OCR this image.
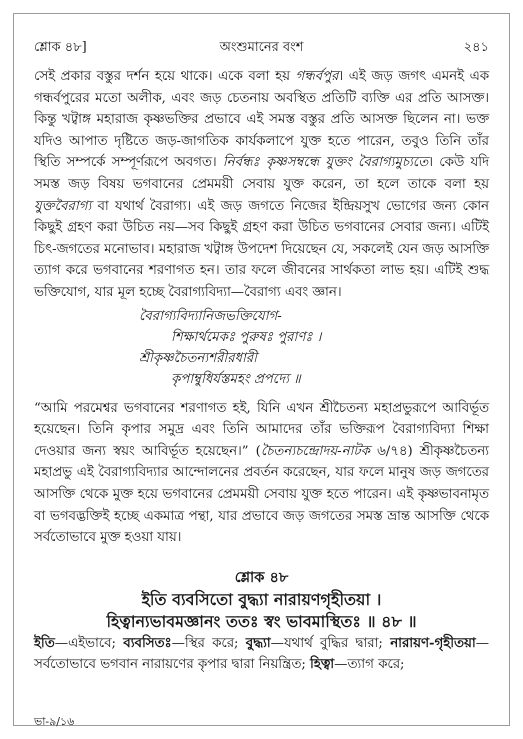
শ্লোক ৪৮]	অংশুমানের বংশ	২৪১

সেই প্রকার বস্তুর দর্শন হয়ে থাকে। একে বলা হয় গন্ধর্বপুর। এই জড় জগৎ এমনই এক গন্ধর্বপুরের মতো অলীক, এবং জড় চেতনায় অবস্থিত প্রতিটি ব্যক্তি এর প্রতি আসক্ত। কিন্তু খট্বাঙ্গ মহারাজ কৃষ্ণভক্তির প্রভাবে এই সমস্ত বস্তুর প্রতি আসক্ত ছিলেন না। ভক্ত যদিও আপাত দৃষ্টিতে জড়-জাগতিক কার্যকলাপে যুক্ত হতে পারেন, তবুও তিনি তাঁর স্থিতি সম্পর্কে সম্পূর্ণরূপে অবগত। নির্বন্ধঃ কৃষ্ণসম্বন্ধে যুক্তং বৈরাগ্যমুচ্যতে। কেউ যদি সমস্ত জড় বিষয় ভগবানের প্রেমময়ী সেবায় যুক্ত করেন, তা হলে তাকে বলা হয় যুক্তবৈরাগ্য বা যথার্থ বৈরাগ্য। এই জড় জগতে নিজের ইন্দ্রিয়সুখ ভোগের জন্য কোন কিছুই গ্রহণ করা উচিত নয়—সব কিছুই গ্রহণ করা উচিত ভগবানের সেবার জন্য। এটিই চিৎ-জগতের মনোভাব। মহারাজ খট্বাঙ্গ উপদেশ দিয়েছেন যে, সকলেই যেন জড় আসক্তি ত্যাগ করে ভগবানের শরণাগত হন। তার ফলে জীবনের সার্থকতা লাভ হয়। এটিই শুদ্ধ ভক্তিযোগ, যার মূল হচ্ছে বৈরাগ্যবিদ্যা—বৈরাগ্য এবং জ্ঞান।

বৈরাগ্যবিদ্যানিজভক্তিযোগ-
শিক্ষার্থমেকঃ পুরুষঃ পুরাণঃ ।
শ্রীকৃষ্ণচৈতন্যশরীরধারী
কৃপাম্বুধির্যস্তমহং প্রপদ্যে ॥

“আমি পরমেশ্বর ভগবানের শরণাগত হই, যিনি এখন শ্রীচৈতন্য মহাপ্রভুরূপে আবির্ভূত হয়েছেন। তিনি কৃপার সমুদ্র এবং তিনি আমাদের তাঁর ভক্তিরূপ বৈরাগ্যবিদ্যা শিক্ষা দেওয়ার জন্য স্বয়ং আবির্ভূত হয়েছেন।” (চৈতন্যচন্দ্রোদয়-নাটক ৬/৭৪) শ্রীকৃষ্ণচৈতন্য মহাপ্রভু এই বৈরাগ্যবিদ্যার আন্দোলনের প্রবর্তন করেছেন, যার ফলে মানুষ জড় জগতের আসক্তি থেকে মুক্ত হয়ে ভগবানের প্রেমময়ী সেবায় যুক্ত হতে পারেন। এই কৃষ্ণভাবনামৃত বা ভগবদ্ভক্তিই হচ্ছে একমাত্র পন্থা, যার প্রভাবে জড় জগতের সমস্ত ভ্রান্ত আসক্তি থেকে সর্বতোভাবে মুক্ত হওয়া যায়।

শ্লোক ৪৮
ইতি ব্যবসিতো বুদ্ধ্যা নারায়ণগৃহীতয়া ।
হিত্বান্যভাবমজ্ঞানং ততঃ স্বং ভাবমাস্থিতঃ ॥ ৪৮ ॥

ইতি—এইভাবে; ব্যবসিতঃ—স্থির করে; বুদ্ধ্যা—যথার্থ বুদ্ধির দ্বারা; নারায়ণ-গৃহীতয়া—সর্বতোভাবে ভগবান নারায়ণের কৃপার দ্বারা নিয়ন্ত্রিত; হিত্বা—ত্যাগ করে;

ভা-৯/১৬
